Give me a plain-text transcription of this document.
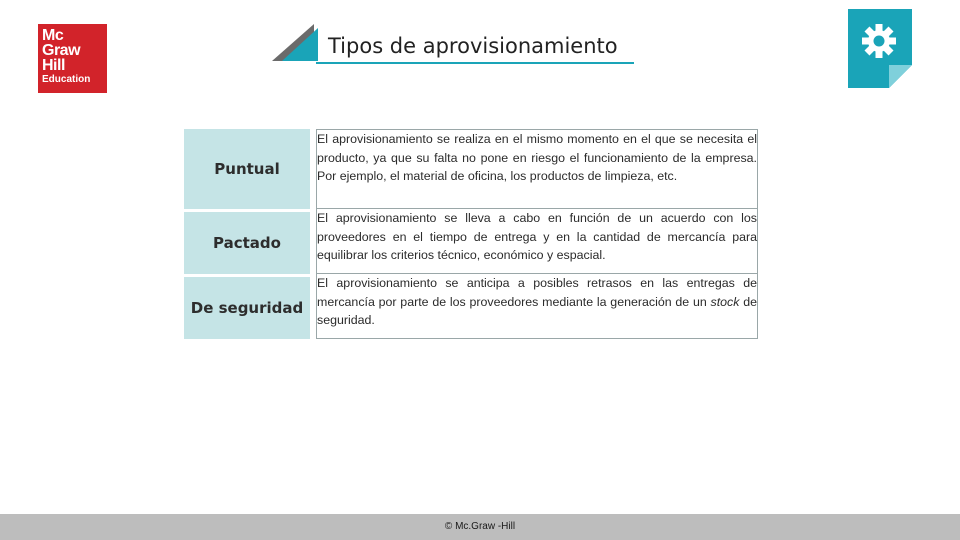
Mc
Graw
Hill
Education
Tipos de aprovisionamiento
Puntual		El aprovisionamiento se realiza en el mismo momento en el que se necesita el producto, ya que su falta no pone en riesgo el funcionamiento de la empresa. Por ejemplo, el material de oficina, los productos de limpieza, etc.
Pactado		El aprovisionamiento se lleva a cabo en función de un acuerdo con los proveedores en el tiempo de entrega y en la cantidad de mercancía para equilibrar los criterios técnico, económico y espacial.
De seguridad		El aprovisionamiento se anticipa a posibles retrasos en las entregas de mercancía por parte de los proveedores mediante la generación de un stock de seguridad.
© Mc.Graw -Hill
